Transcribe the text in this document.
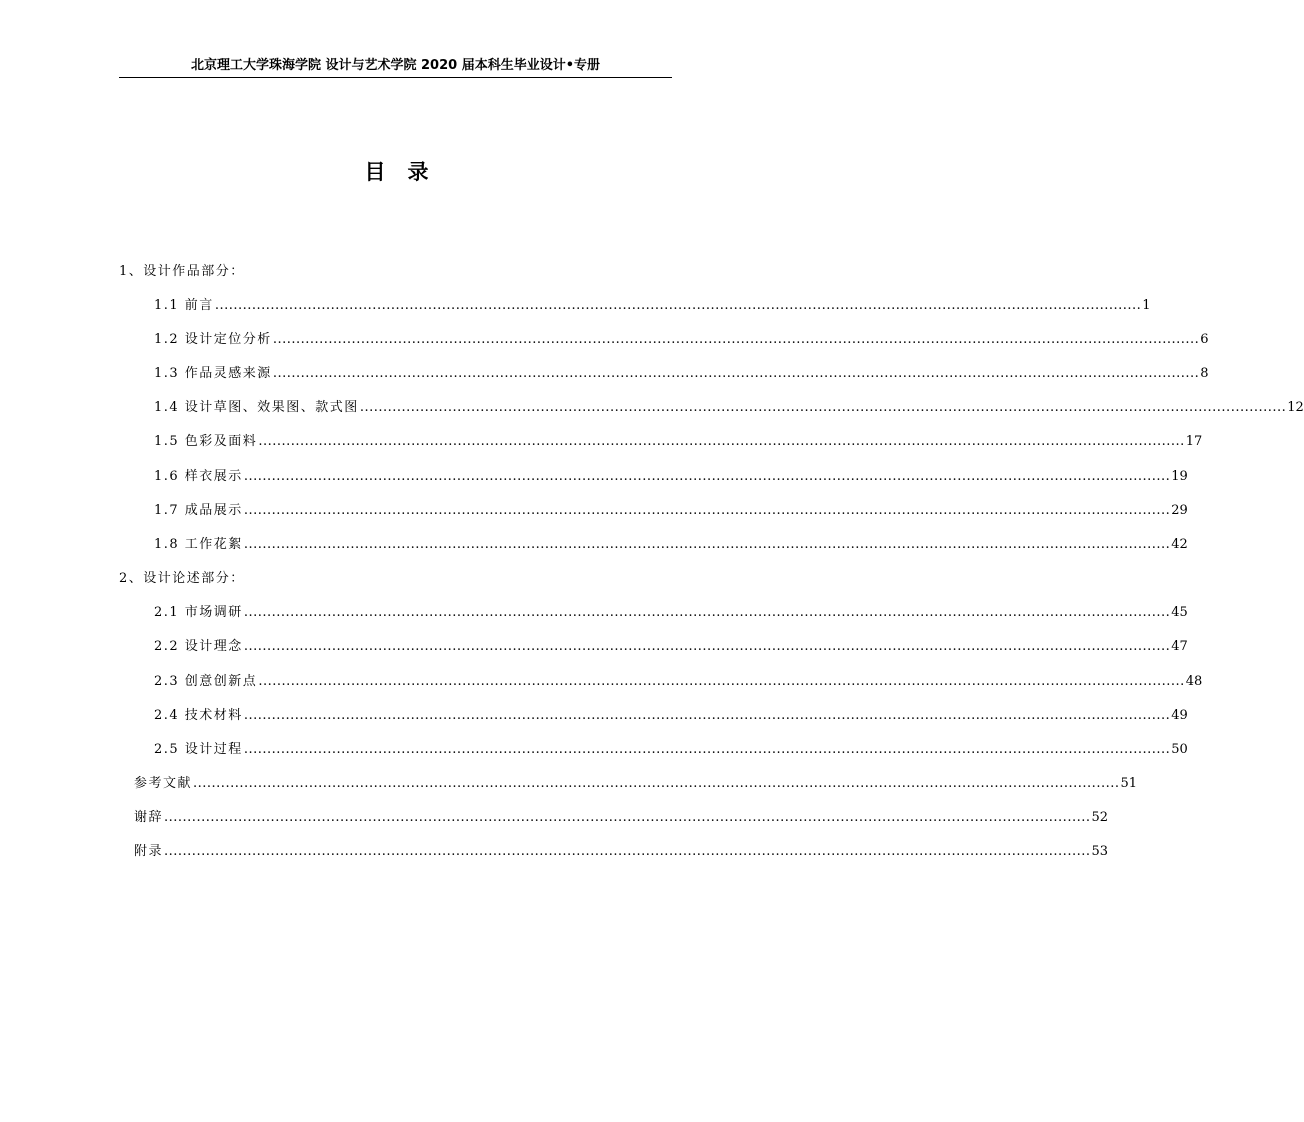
北京理工大学珠海学院 设计与艺术学院 2020 届本科生毕业设计•专册
目录
1、设计作品部分：
1.1 前言 ........................................................................................................................................................................................................ 1
1.2 设计定位分析 ........................................................................................................................................................................................................ 6
1.3 作品灵感来源 ........................................................................................................................................................................................................ 8
1.4 设计草图、效果图、款式图 ........................................................................................................................................................................................................ 12
1.5 色彩及面料 ........................................................................................................................................................................................................ 17
1.6 样衣展示 ........................................................................................................................................................................................................ 19
1.7 成品展示 ........................................................................................................................................................................................................ 29
1.8 工作花絮 ........................................................................................................................................................................................................ 42
2、设计论述部分：
2.1 市场调研 ........................................................................................................................................................................................................ 45
2.2 设计理念 ........................................................................................................................................................................................................ 47
2.3 创意创新点 ........................................................................................................................................................................................................ 48
2.4 技术材料 ........................................................................................................................................................................................................ 49
2.5 设计过程 ........................................................................................................................................................................................................ 50
参考文献 ........................................................................................................................................................................................................ 51
谢辞 ........................................................................................................................................................................................................ 52
附录 ........................................................................................................................................................................................................ 53
